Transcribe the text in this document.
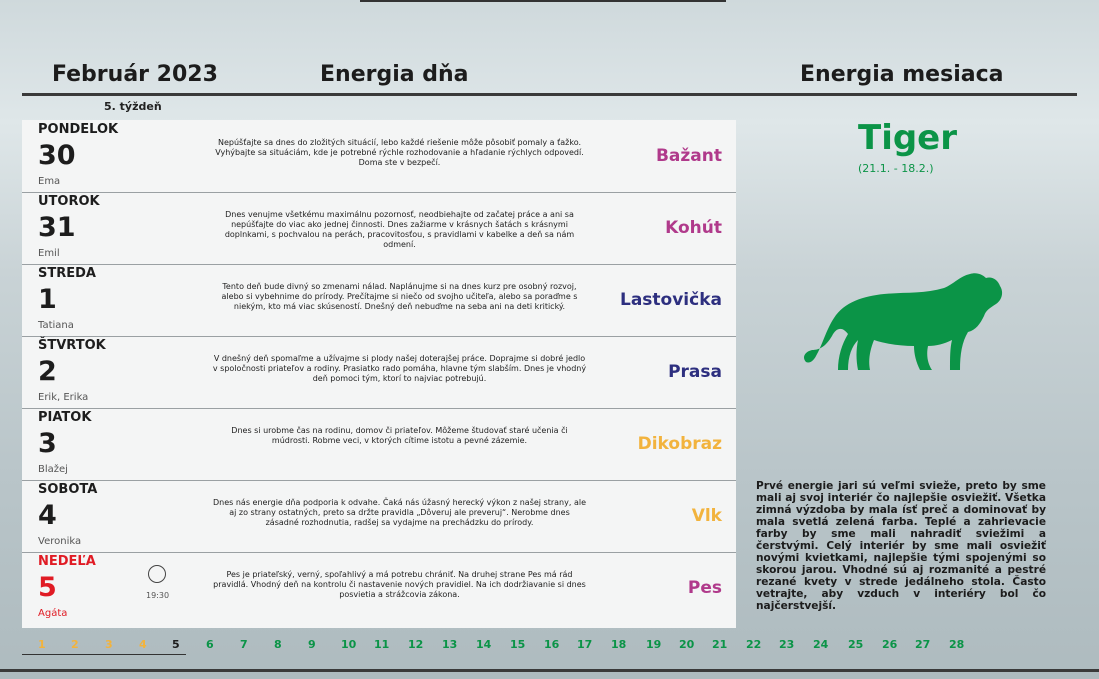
Február 2023	Energia dňa	Energia mesiaca
5. týždeň
PONDELOK
30
Ema
Nepúšťajte sa dnes do zložitých situácií, lebo každé riešenie môže pôsobiť pomaly a ťažko. Vyhýbajte sa situáciám, kde je potrebné rýchle rozhodovanie a hľadanie rýchlych odpovedí. Doma ste v bezpečí.	Bažant
UTOROK
31
Emil
Dnes venujme všetkému maximálnu pozornosť, neodbiehajte od začatej práce a ani sa nepúšťajte do viac ako jednej činnosti. Dnes zažiarme v krásnych šatách s krásnymi doplnkami, s pochvalou na perách, pracovitosťou, s pravidlami v kabelke a deň sa nám odmení.
Kohút
STREDA
1
Tatiana
Tento deň bude divný so zmenami nálad. Naplánujme si na dnes kurz pre osobný rozvoj, alebo si vybehnime do prírody. Prečítajme si niečo od svojho učiteľa, alebo sa poraďme s niekým, kto má viac skúseností. Dnešný deň nebuďme na seba ani na deti kritický.	Lastovička
ŠTVRTOK
2
Erik, Erika
V dnešný deň spomaľme a užívajme si plody našej doterajšej práce. Doprajme si dobré jedlo v spoločnosti priateľov a rodiny. Prasiatko rado pomáha, hlavne tým slabším. Dnes je vhodný deň pomoci tým, ktorí to najviac potrebujú.	Prasa
PIATOK
3
Blažej
Dnes si urobme čas na rodinu, domov či priateľov. Môžeme študovať staré učenia či múdrosti. Robme veci, v ktorých cítime istotu a pevné zázemie.	Dikobraz
SOBOTA
4
Veronika
Dnes nás energie dňa podporia k odvahe. Čaká nás úžasný herecký výkon z našej strany, ale aj zo strany ostatných, preto sa držte pravidla „Dôveruj ale preveruj“. Nerobme dnes zásadné rozhodnutia, radšej sa vydajme na prechádzku do prírody.	Vlk
NEDEĽA
5
Agáta
19:30
Pes je priateľský, verný, spoľahlivý a má potrebu chrániť. Na druhej strane Pes má rád pravidlá. Vhodný deň na kontrolu či nastavenie nových pravidiel. Na ich dodržiavanie si dnes posvietia a strážcovia zákona.	Pes
1 2 3 4 5 6 7 8 9 10 11 12 13 14 15 16 17 18 19 20 21 22 23 24 25 26 27 28
Tiger
(21.1. - 18.2.)
Prvé energie jari sú veľmi svieže, preto by sme mali aj svoj interiér čo najlepšie osviežiť. Všetka zimná výzdoba by mala ísť preč a dominovať by mala svetlá zelená farba. Teplé a zahrievacie farby by sme mali nahradiť sviežimi a čerstvými. Celý interiér by sme mali osviežiť novými kvietkami, najlepšie tými spojenými so skorou jarou. Vhodné sú aj rozmanité a pestré rezané kvety v strede jedálneho stola. Často vetrajte, aby vzduch v interiéry bol čo najčerstvejší.
